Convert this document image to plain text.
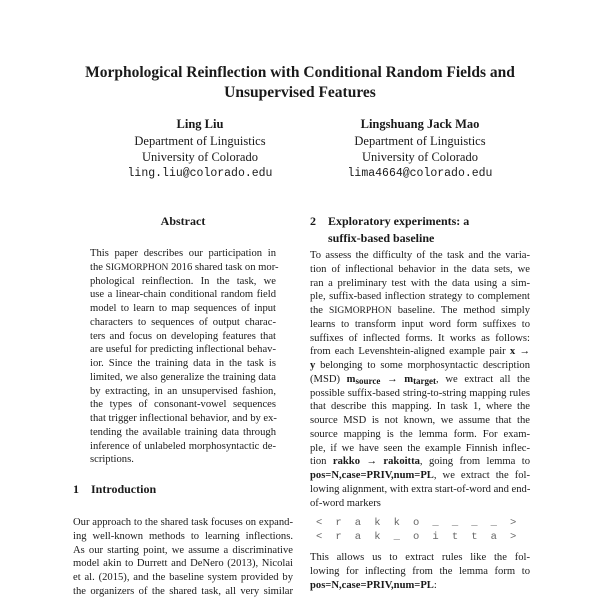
Morphological Reinflection with Conditional Random Fields and
Unsupervised Features
Ling Liu
Department of Linguistics
University of Colorado
ling.liu@colorado.edu
Lingshuang Jack Mao
Department of Linguistics
University of Colorado
lima4664@colorado.edu
Abstract
This paper describes our participation in
the SIGMORPHON 2016 shared task on mor-
phological reinflection. In the task, we
use a linear-chain conditional random field
model to learn to map sequences of input
characters to sequences of output charac-
ters and focus on developing features that
are useful for predicting inflectional behav-
ior. Since the training data in the task is
limited, we also generalize the training data
by extracting, in an unsupervised fashion,
the types of consonant-vowel sequences
that trigger inflectional behavior, and by ex-
tending the available training data through
inference of unlabeled morphosyntactic de-
scriptions.
1 Introduction
Our approach to the shared task focuses on expand-
ing well-known methods to learning inflections.
As our starting point, we assume a discriminative
model akin to Durrett and DeNero (2013), Nicolai
et al. (2015), and the baseline system provided by
the organizers of the shared task, all very similar
2 Exploratory experiments: a
suffix-based baseline
To assess the difficulty of the task and the varia-
tion of inflectional behavior in the data sets, we
ran a preliminary test with the data using a sim-
ple, suffix-based inflection strategy to complement
the SIGMORPHON baseline. The method simply
learns to transform input word form suffixes to
suffixes of inflected forms. It works as follows:
from each Levenshtein-aligned example pair x →
y belonging to some morphosyntactic description
(MSD) $m_{source} \to m_{target}$, we extract all the
possible suffix-based string-to-string mapping rules
that describe this mapping. In task 1, where the
source MSD is not known, we assume that the
source mapping is the lemma form. For exam-
ple, if we have seen the example Finnish inflec-
tion rakko → rakoitta, going from lemma to
pos=N,case=PRIV,num=PL, we extract the fol-
lowing alignment, with extra start-of-word and end-
of-word markers
< r a k k o _ _ _ _ >
< r a k _ o i t t a >
This allows us to extract rules like the fol-
lowing for inflecting from the lemma form to
pos=N,case=PRIV,num=PL:
